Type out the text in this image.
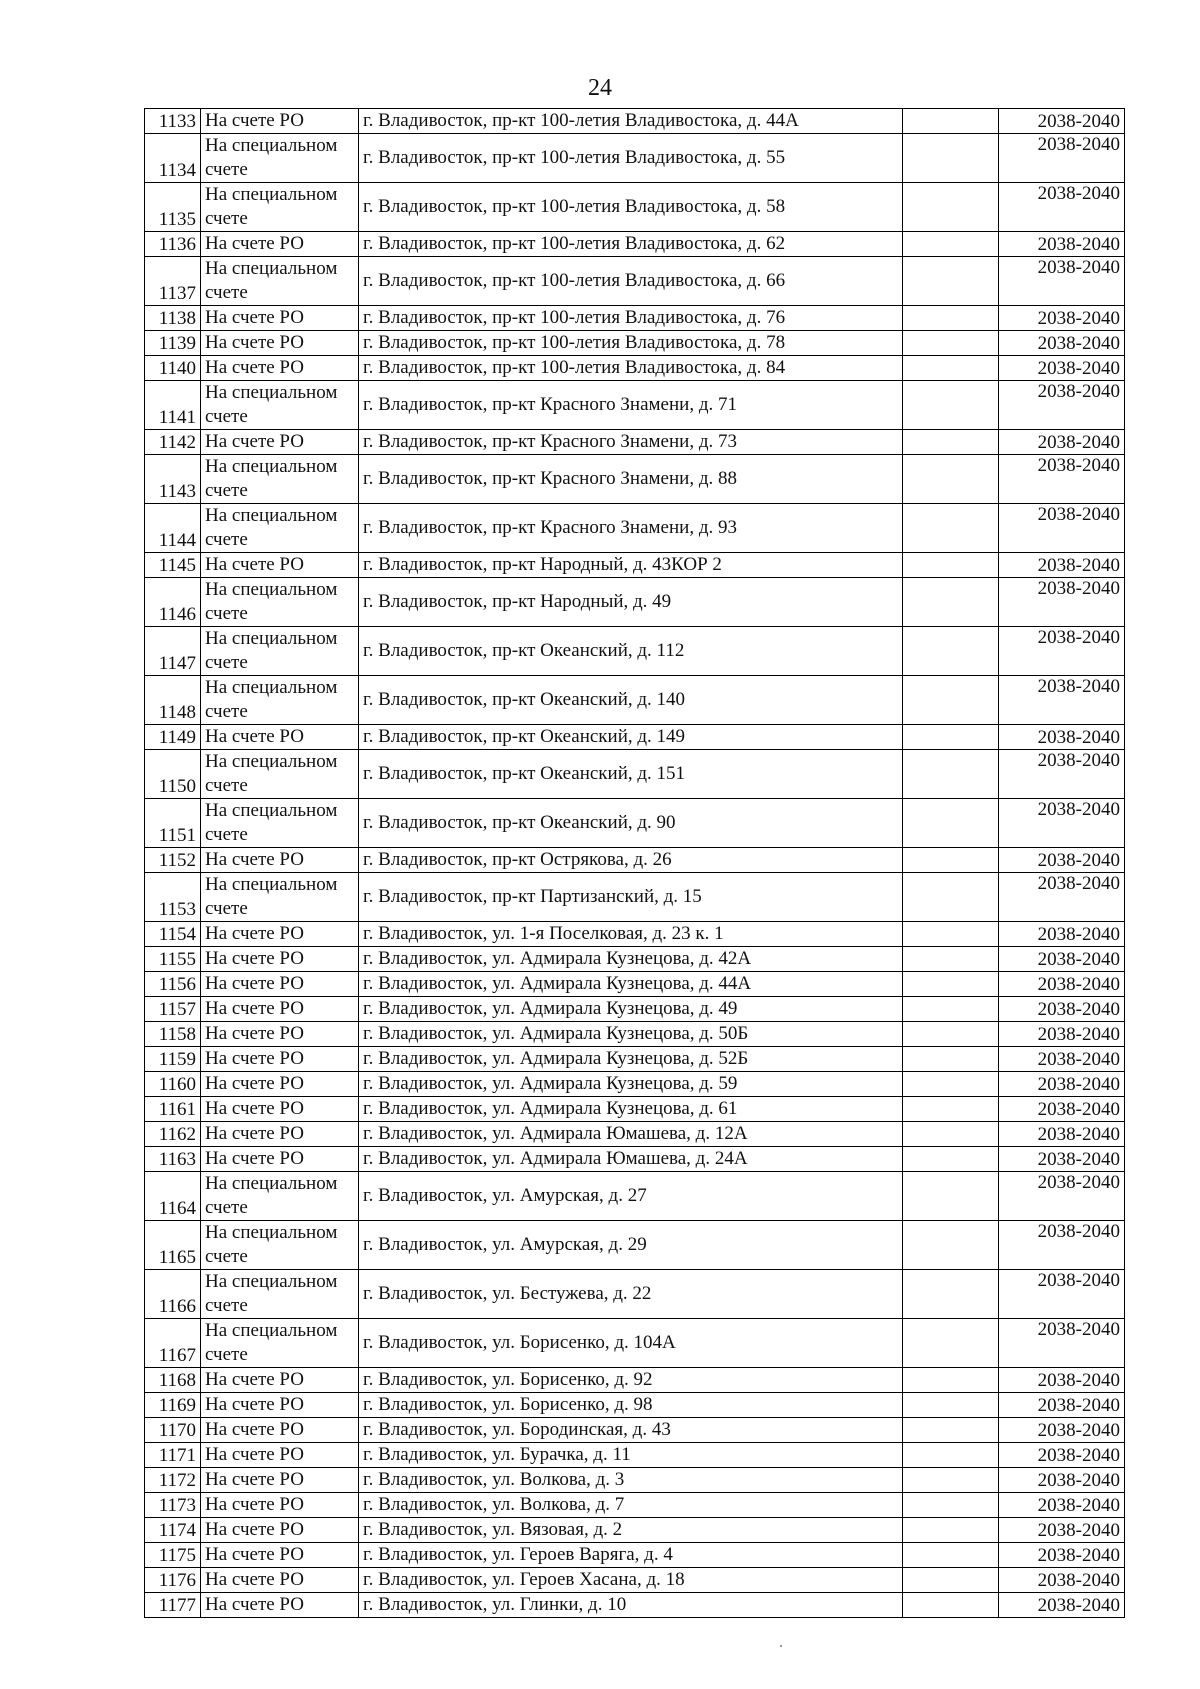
24
1133	На счете РО	г. Владивосток, пр-кт 100-летия Владивостока, д. 44А		2038-2040
1134	На специальном счете	г. Владивосток, пр-кт 100-летия Владивостока, д. 55		2038-2040
1135	На специальном счете	г. Владивосток, пр-кт 100-летия Владивостока, д. 58		2038-2040
1136	На счете РО	г. Владивосток, пр-кт 100-летия Владивостока, д. 62		2038-2040
1137	На специальном счете	г. Владивосток, пр-кт 100-летия Владивостока, д. 66		2038-2040
1138	На счете РО	г. Владивосток, пр-кт 100-летия Владивостока, д. 76		2038-2040
1139	На счете РО	г. Владивосток, пр-кт 100-летия Владивостока, д. 78		2038-2040
1140	На счете РО	г. Владивосток, пр-кт 100-летия Владивостока, д. 84		2038-2040
1141	На специальном счете	г. Владивосток, пр-кт Красного Знамени, д. 71		2038-2040
1142	На счете РО	г. Владивосток, пр-кт Красного Знамени, д. 73		2038-2040
1143	На специальном счете	г. Владивосток, пр-кт Красного Знамени, д. 88		2038-2040
1144	На специальном счете	г. Владивосток, пр-кт Красного Знамени, д. 93		2038-2040
1145	На счете РО	г. Владивосток, пр-кт Народный, д. 43КОР 2		2038-2040
1146	На специальном счете	г. Владивосток, пр-кт Народный, д. 49		2038-2040
1147	На специальном счете	г. Владивосток, пр-кт Океанский, д. 112		2038-2040
1148	На специальном счете	г. Владивосток, пр-кт Океанский, д. 140		2038-2040
1149	На счете РО	г. Владивосток, пр-кт Океанский, д. 149		2038-2040
1150	На специальном счете	г. Владивосток, пр-кт Океанский, д. 151		2038-2040
1151	На специальном счете	г. Владивосток, пр-кт Океанский, д. 90		2038-2040
1152	На счете РО	г. Владивосток, пр-кт Острякова, д. 26		2038-2040
1153	На специальном счете	г. Владивосток, пр-кт Партизанский, д. 15		2038-2040
1154	На счете РО	г. Владивосток, ул. 1-я Поселковая, д. 23 к. 1		2038-2040
1155	На счете РО	г. Владивосток, ул. Адмирала Кузнецова, д. 42А		2038-2040
1156	На счете РО	г. Владивосток, ул. Адмирала Кузнецова, д. 44А		2038-2040
1157	На счете РО	г. Владивосток, ул. Адмирала Кузнецова, д. 49		2038-2040
1158	На счете РО	г. Владивосток, ул. Адмирала Кузнецова, д. 50Б		2038-2040
1159	На счете РО	г. Владивосток, ул. Адмирала Кузнецова, д. 52Б		2038-2040
1160	На счете РО	г. Владивосток, ул. Адмирала Кузнецова, д. 59		2038-2040
1161	На счете РО	г. Владивосток, ул. Адмирала Кузнецова, д. 61		2038-2040
1162	На счете РО	г. Владивосток, ул. Адмирала Юмашева, д. 12А		2038-2040
1163	На счете РО	г. Владивосток, ул. Адмирала Юмашева, д. 24А		2038-2040
1164	На специальном счете	г. Владивосток, ул. Амурская, д. 27		2038-2040
1165	На специальном счете	г. Владивосток, ул. Амурская, д. 29		2038-2040
1166	На специальном счете	г. Владивосток, ул. Бестужева, д. 22		2038-2040
1167	На специальном счете	г. Владивосток, ул. Борисенко, д. 104А		2038-2040
1168	На счете РО	г. Владивосток, ул. Борисенко, д. 92		2038-2040
1169	На счете РО	г. Владивосток, ул. Борисенко, д. 98		2038-2040
1170	На счете РО	г. Владивосток, ул. Бородинская, д. 43		2038-2040
1171	На счете РО	г. Владивосток, ул. Бурачка, д. 11		2038-2040
1172	На счете РО	г. Владивосток, ул. Волкова, д. 3		2038-2040
1173	На счете РО	г. Владивосток, ул. Волкова, д. 7		2038-2040
1174	На счете РО	г. Владивосток, ул. Вязовая, д. 2		2038-2040
1175	На счете РО	г. Владивосток, ул. Героев Варяга, д. 4		2038-2040
1176	На счете РО	г. Владивосток, ул. Героев Хасана, д. 18		2038-2040
1177	На счете РО	г. Владивосток, ул. Глинки, д. 10		2038-2040
